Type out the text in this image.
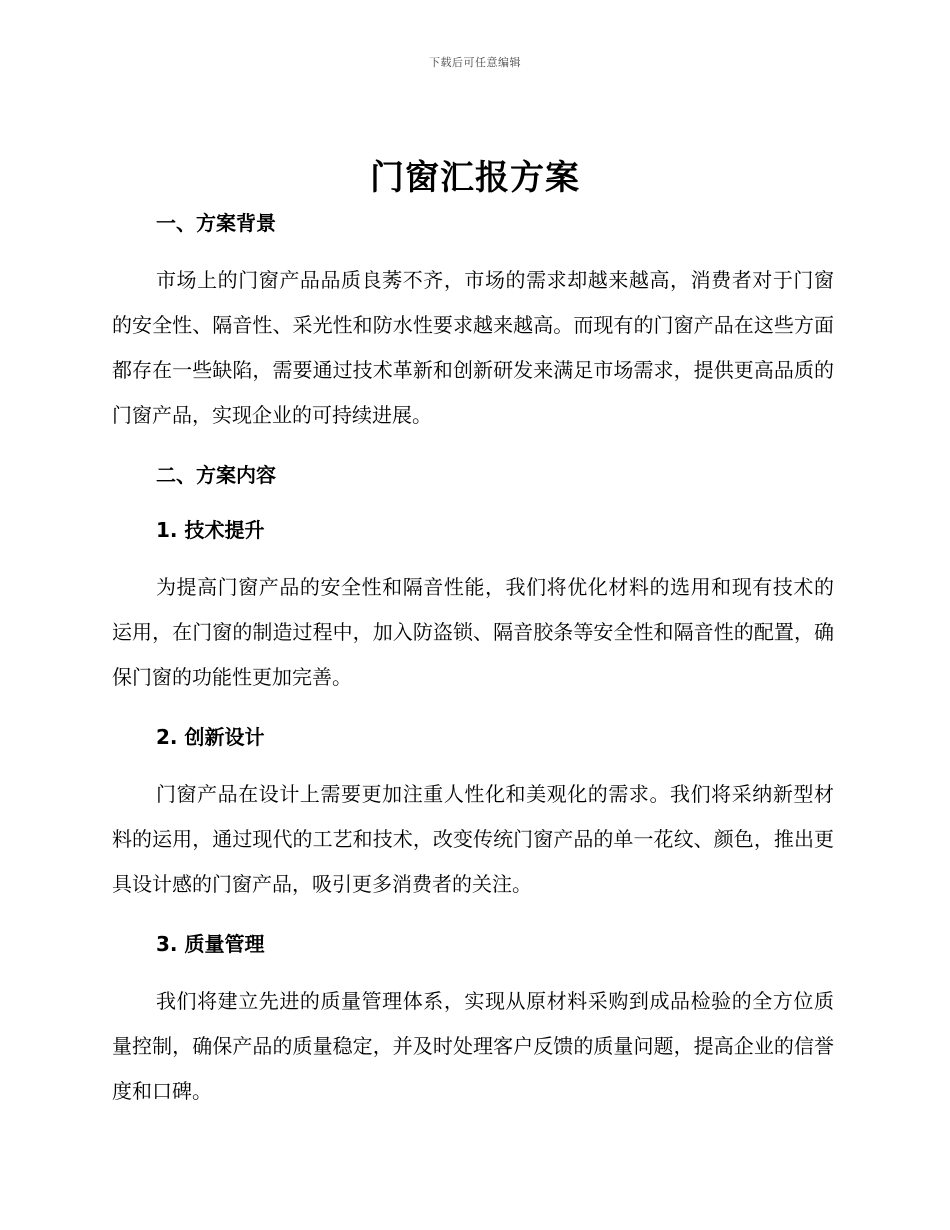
下载后可任意编辑
门窗汇报方案
一、方案背景

市场上的门窗产品品质良莠不齐，市场的需求却越来越高，消费者对于门窗的安全性、隔音性、采光性和防水性要求越来越高。而现有的门窗产品在这些方面都存在一些缺陷，需要通过技术革新和创新研发来满足市场需求，提供更高品质的门窗产品，实现企业的可持续进展。

二、方案内容
1. 技术提升

为提高门窗产品的安全性和隔音性能，我们将优化材料的选用和现有技术的运用，在门窗的制造过程中，加入防盗锁、隔音胶条等安全性和隔音性的配置，确保门窗的功能性更加完善。

2. 创新设计

门窗产品在设计上需要更加注重人性化和美观化的需求。我们将采纳新型材料的运用，通过现代的工艺和技术，改变传统门窗产品的单一花纹、颜色，推出更具设计感的门窗产品，吸引更多消费者的关注。

3. 质量管理

我们将建立先进的质量管理体系，实现从原材料采购到成品检验的全方位质量控制，确保产品的质量稳定，并及时处理客户反馈的质量问题，提高企业的信誉度和口碑。
